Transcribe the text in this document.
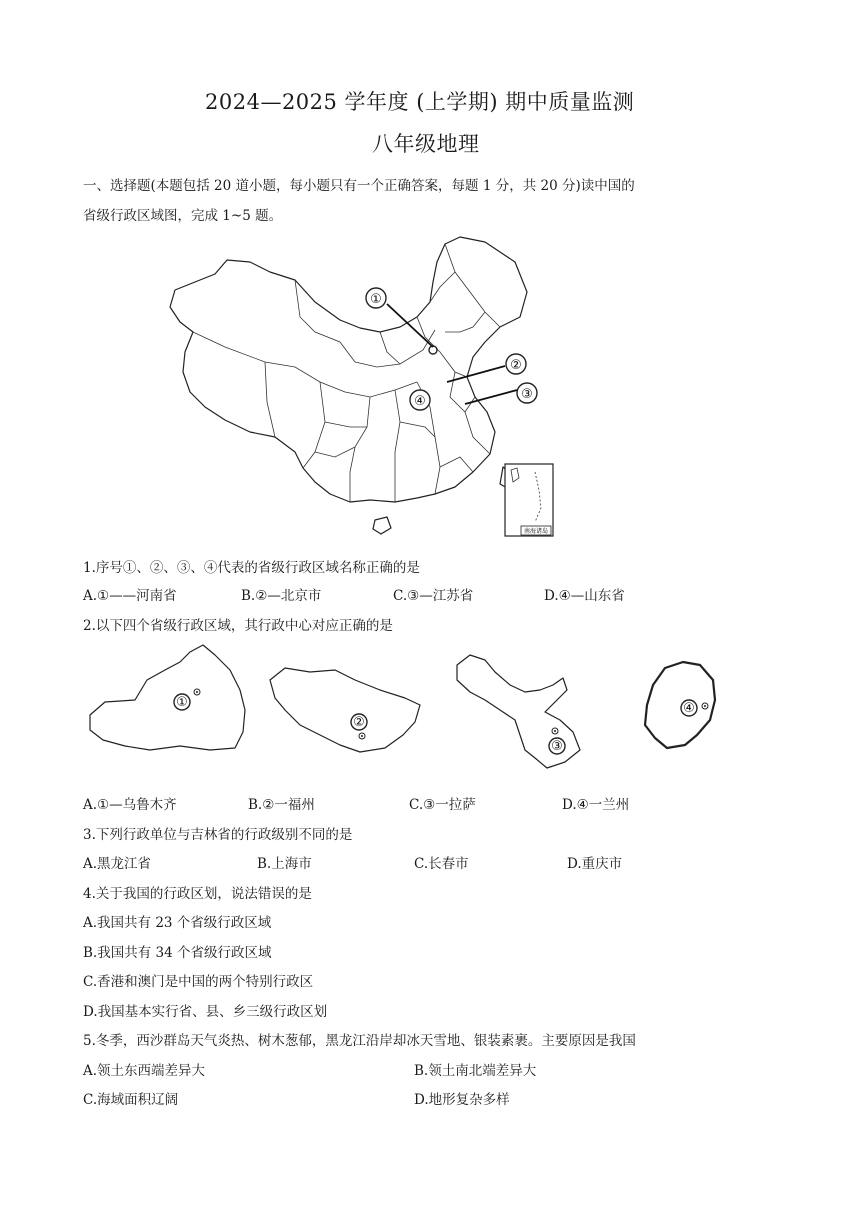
2024—2025 学年度 (上学期) 期中质量监测
八年级地理
一、选择题(本题包括 20 道小题，每小题只有一个正确答案，每题 1 分，共 20 分)读中国的
省级行政区域图，完成 1~5 题。
①
②
③
④
南海诸岛
1.序号①、②、③、④代表的省级行政区域名称正确的是
A.①——河南省	B.②—北京市	C.③—江苏省	D.④—山东省
2.以下四个省级行政区域，其行政中心对应正确的是
①
②
③
④
A.①—乌鲁木齐	B.②一福州	C.③一拉萨	D.④一兰州
3.下列行政单位与吉林省的行政级别不同的是
A.黑龙江省	B.上海市	C.长春市	D.重庆市
4.关于我国的行政区划，说法错误的是
A.我国共有 23 个省级行政区域
B.我国共有 34 个省级行政区域
C.香港和澳门是中国的两个特别行政区
D.我国基本实行省、县、乡三级行政区划
5.冬季，西沙群岛天气炎热、树木葱郁，黑龙江沿岸却冰天雪地、银装素裹。主要原因是我国
A.领土东西端差异大	B.领土南北端差异大
C.海域面积辽阔	D.地形复杂多样
